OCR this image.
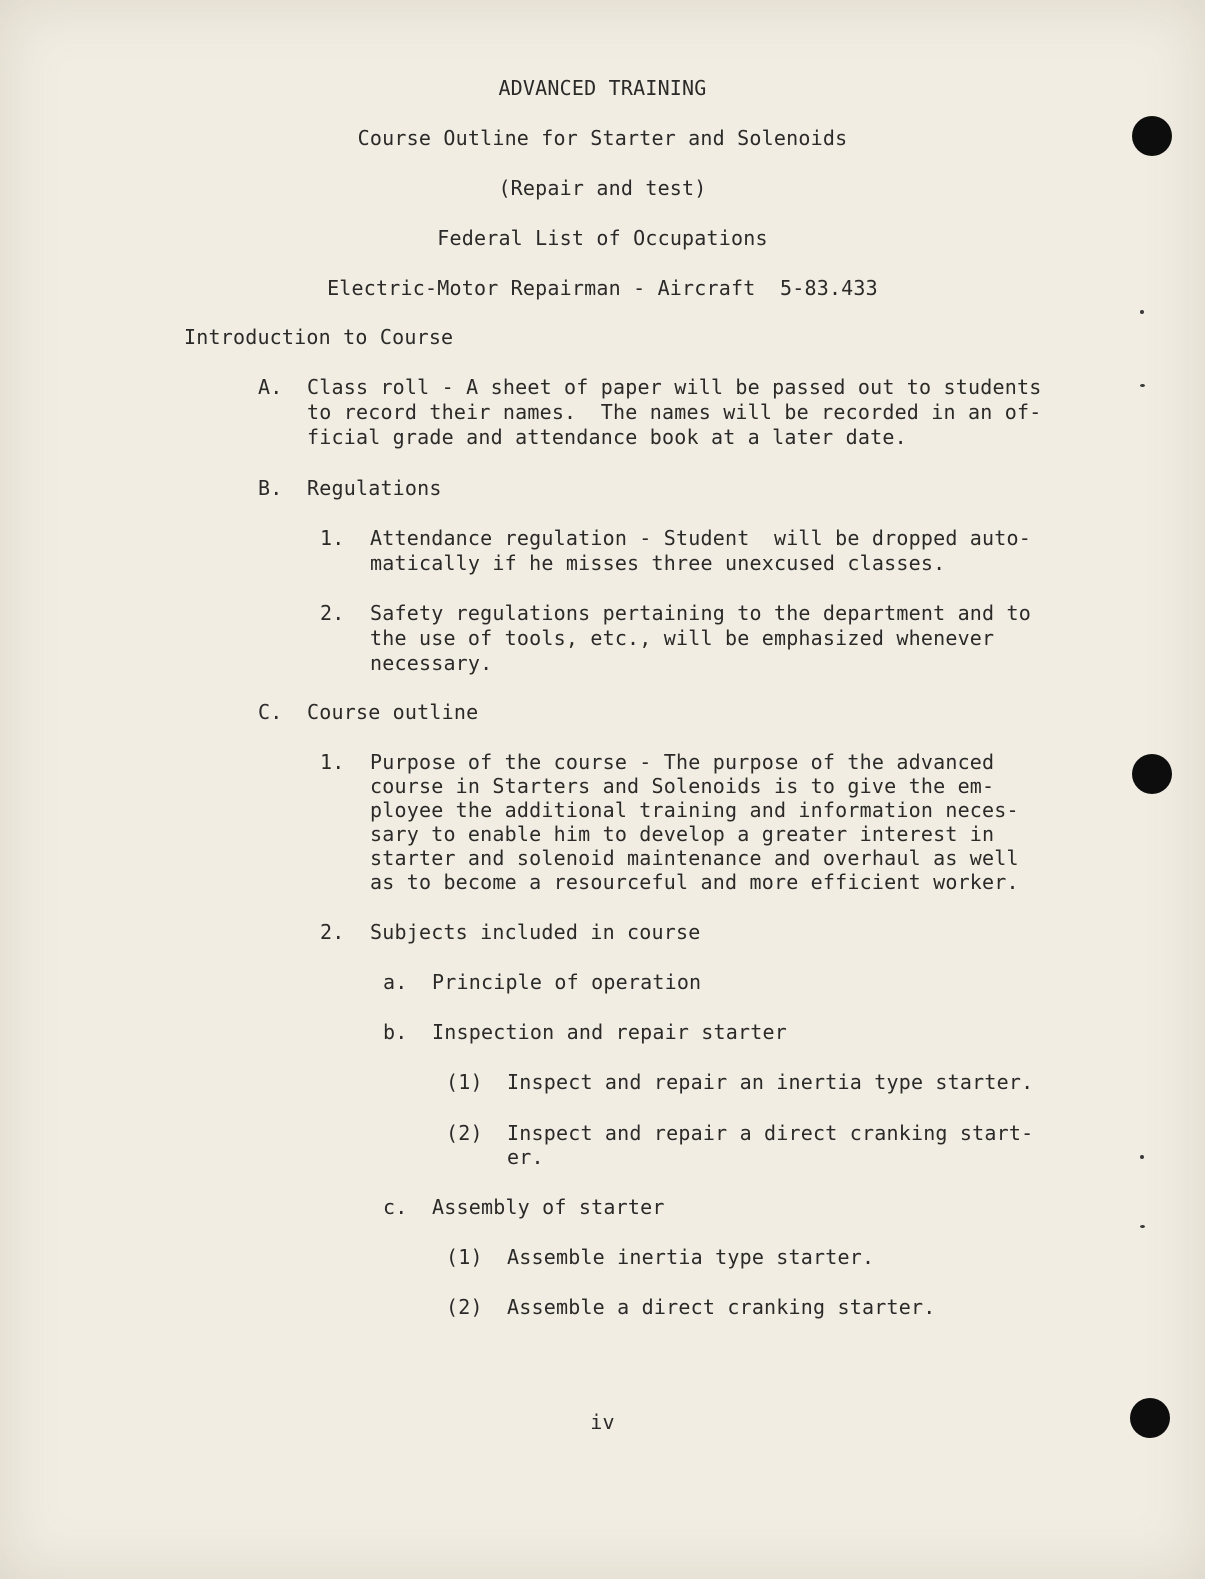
ADVANCED TRAINING
Course Outline for Starter and Solenoids
(Repair and test)
Federal List of Occupations
Electric-Motor Repairman - Aircraft  5-83.433
Introduction to Course
A. Class roll - A sheet of paper will be passed out to students
to record their names.  The names will be recorded in an of-
ficial grade and attendance book at a later date.
B. Regulations
1. Attendance regulation - Student  will be dropped auto-
matically if he misses three unexcused classes.
2. Safety regulations pertaining to the department and to
the use of tools, etc., will be emphasized whenever
necessary.
C. Course outline
1. Purpose of the course - The purpose of the advanced
course in Starters and Solenoids is to give the em-
ployee the additional training and information neces-
sary to enable him to develop a greater interest in
starter and solenoid maintenance and overhaul as well
as to become a resourceful and more efficient worker.
2. Subjects included in course
a. Principle of operation
b. Inspection and repair starter
(1) Inspect and repair an inertia type starter.
(2) Inspect and repair a direct cranking start-
er.
c. Assembly of starter
(1) Assemble inertia type starter.
(2) Assemble a direct cranking starter.
iv
